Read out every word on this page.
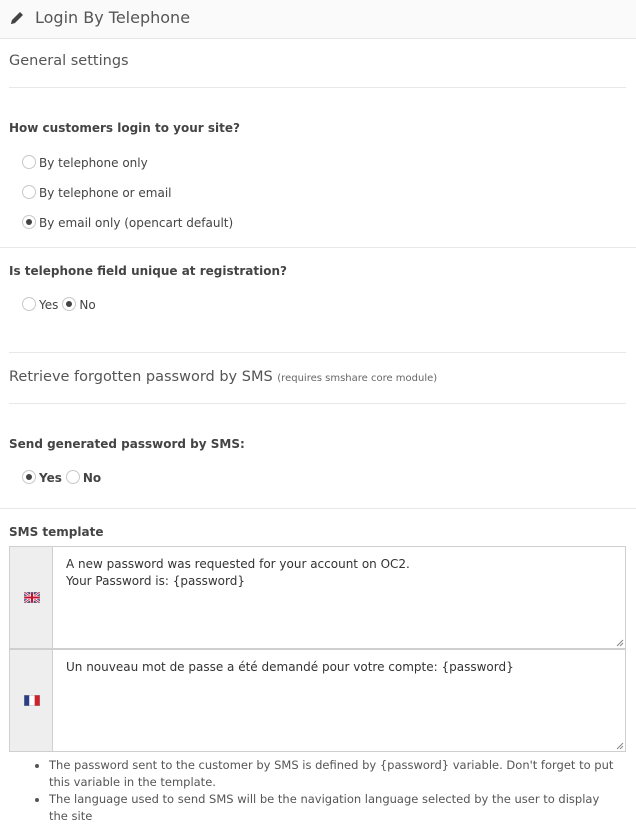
Login By Telephone
General settings
How customers login to your site?
By telephone only
By telephone or email
By email only (opencart default)
Is telephone field unique at registration?
Yes No
Retrieve forgotten password by SMS (requires smshare core module)
Send generated password by SMS:
Yes No
SMS template
A new password was requested for your account on OC2.
Your Password is: {password}
Un nouveau mot de passe a été demandé pour votre compte: {password}
• The password sent to the customer by SMS is defined by {password} variable. Don't forget to put this variable in the template.
• The language used to send SMS will be the navigation language selected by the user to display the site
